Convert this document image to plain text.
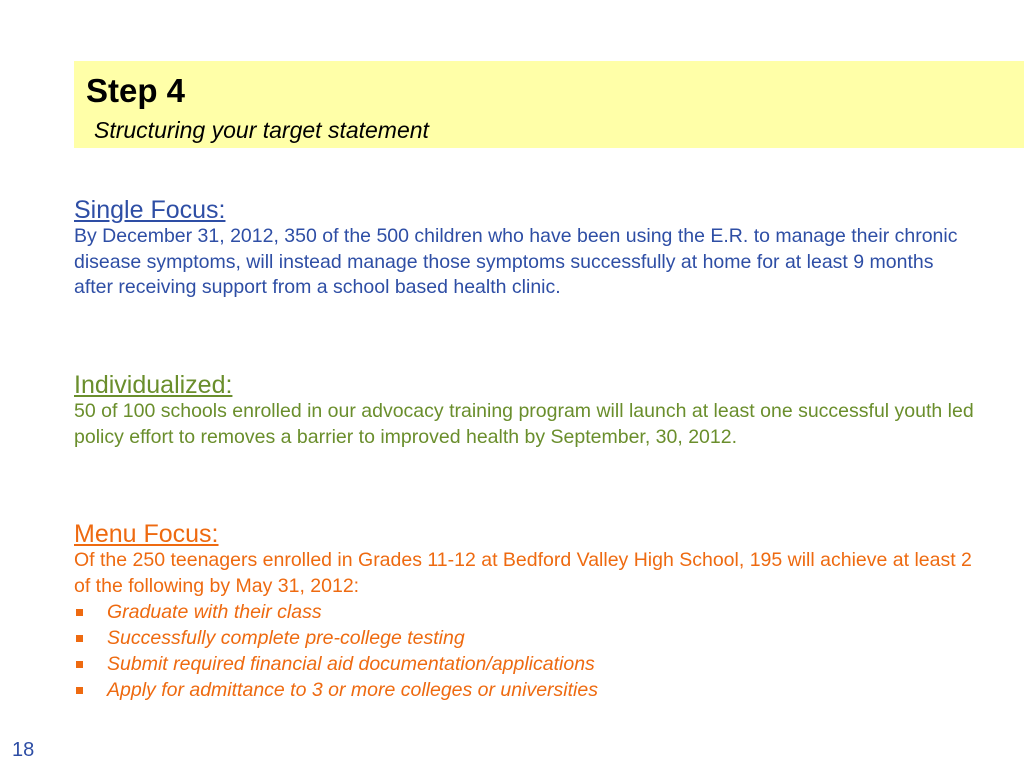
Step 4

Structuring your target statement

Single Focus:

By December 31, 2012, 350 of the 500 children who have been using the E.R. to manage their chronic disease symptoms, will instead manage those symptoms successfully at home for at least 9 months after receiving support from a school based health clinic.

Individualized:

50 of 100 schools enrolled in our advocacy training program will launch at least one successful youth led policy effort to removes a barrier to improved health by September, 30, 2012.

Menu Focus:

Of the 250 teenagers enrolled in Grades 11-12 at Bedford Valley High School, 195 will achieve at least 2 of the following by May 31, 2012:

Graduate with their class
Successfully complete pre-college testing
Submit required financial aid documentation/applications
Apply for admittance to 3 or more colleges or universities
18
